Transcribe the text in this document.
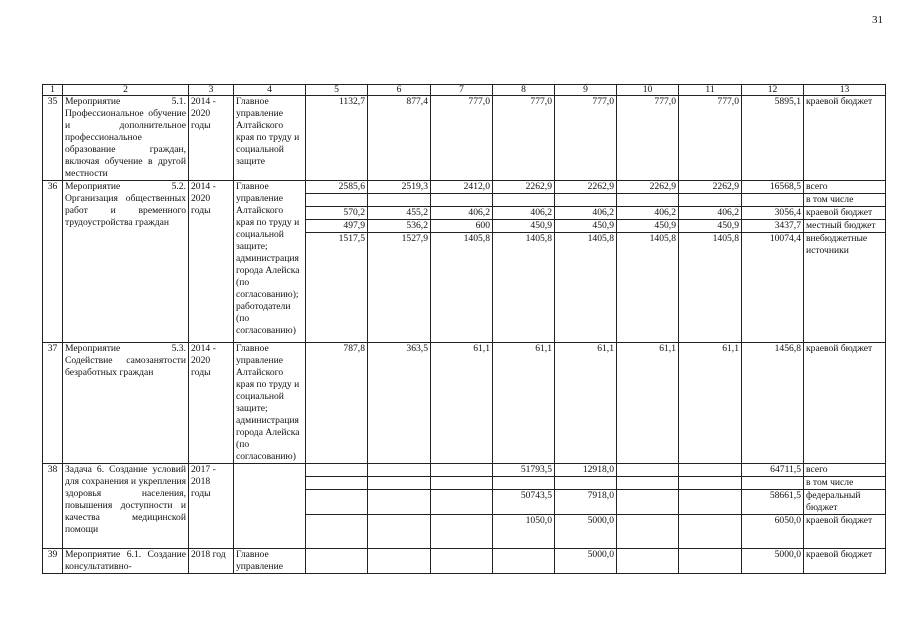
31
1	2	3	4	5	6	7	8	9	10	11	12	13
35	Мероприятие 5.1. Профессиональное обучение и дополнительное профессиональное образование граждан, включая обучение в другой местности	2014 - 2020 годы	Главное управление Алтайского края по труду и социальной защите	1132,7	877,4	777,0	777,0	777,0	777,0	777,0	5895,1	краевой бюджет
36	Мероприятие 5.2. Организация общественных работ и временного трудоустройства граждан	2014 - 2020 годы	Главное управление Алтайского края по труду и социальной защите; администрация города Алейска (по согласованию); работодатели (по согласованию)	2585,6	2519,3	2412,0	2262,9	2262,9	2262,9	2262,9	16568,5	всего
												в том числе
				570,2	455,2	406,2	406,2	406,2	406,2	406,2	3056,4	краевой бюджет
				497,9	536,2	600	450,9	450,9	450,9	450,9	3437,7	местный бюджет
				1517,5	1527,9	1405,8	1405,8	1405,8	1405,8	1405,8	10074,4	внебюджетные источники
37	Мероприятие 5.3. Содействие самозанятости безработных граждан	2014 - 2020 годы	Главное управление Алтайского края по труду и социальной защите; администрация города Алейска (по согласованию)	787,8	363,5	61,1	61,1	61,1	61,1	61,1	1456,8	краевой бюджет
38	Задача 6. Создание условий для сохранения и укрепления здоровья населения, повышения доступности и качества медицинской помощи	2017 - 2018 годы					51793,5	12918,0			64711,5	всего
												в том числе
							50743,5	7918,0			58661,5	федеральный бюджет
							1050,0	5000,0			6050,0	краевой бюджет
39	Мероприятие 6.1. Создание консультативно-	2018 год	Главное управление					5000,0			5000,0	краевой бюджет
